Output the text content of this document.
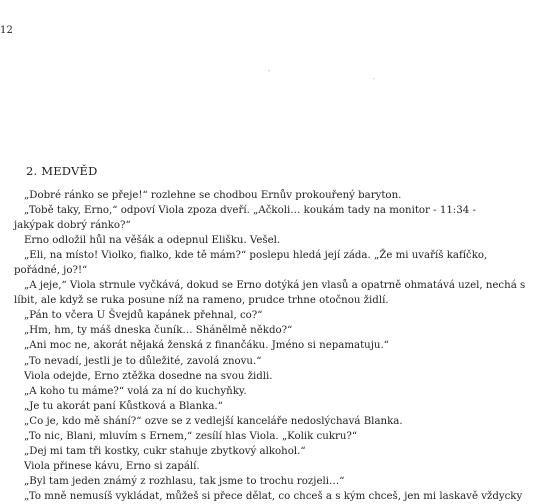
12
2. MEDVĚD
„Dobré ránko se přeje!“ rozlehne se chodbou Ernův prokouřený baryton.
„Tobě taky, Erno,“ odpoví Viola zpoza dveří. „Ačkoli… koukám tady na monitor - 11:34 -
jakýpak dobrý ránko?“
Erno odložil hůl na věšák a odepnul Elišku. Vešel.
„Eli, na místo! Violko, fialko, kde tě mám?“ poslepu hledá její záda. „Že mi uvaříš kafíčko,
pořádné, jo?!“
„A jeje,“ Viola strnule vyčkává, dokud se Erno dotýká jen vlasů a opatrně ohmatává uzel, nechá s
líbit, ale když se ruka posune níž na rameno, prudce trhne otočnou židlí.
„Pán to včera U Švejdů kapánek přehnal, co?“
„Hm, hm, ty máš dneska čuník… Shánělmě někdo?“
„Ani moc ne, akorát nějaká ženská z finančáku. Jméno si nepamatuju.“
„To nevadí, jestli je to důležité, zavolá znovu.“
Viola odejde, Erno ztěžka dosedne na svou židli.
„A koho tu máme?“ volá za ní do kuchyňky.
„Je tu akorát paní Kůstková a Blanka.“
„Co je, kdo mě shání?“ ozve se z vedlejší kanceláře nedoslýchavá Blanka.
„To nic, Blani, mluvím s Ernem,“ zesílí hlas Viola. „Kolik cukru?“
„Dej mi tam tři kostky, cukr stahuje zbytkový alkohol.“
Viola přinese kávu, Erno si zapálí.
„Byl tam jeden známý z rozhlasu, tak jsme to trochu rozjeli…“
„To mně nemusíš vykládat, můžeš si přece dělat, co chceš a s kým chceš, jen mi laskavě vždycky
